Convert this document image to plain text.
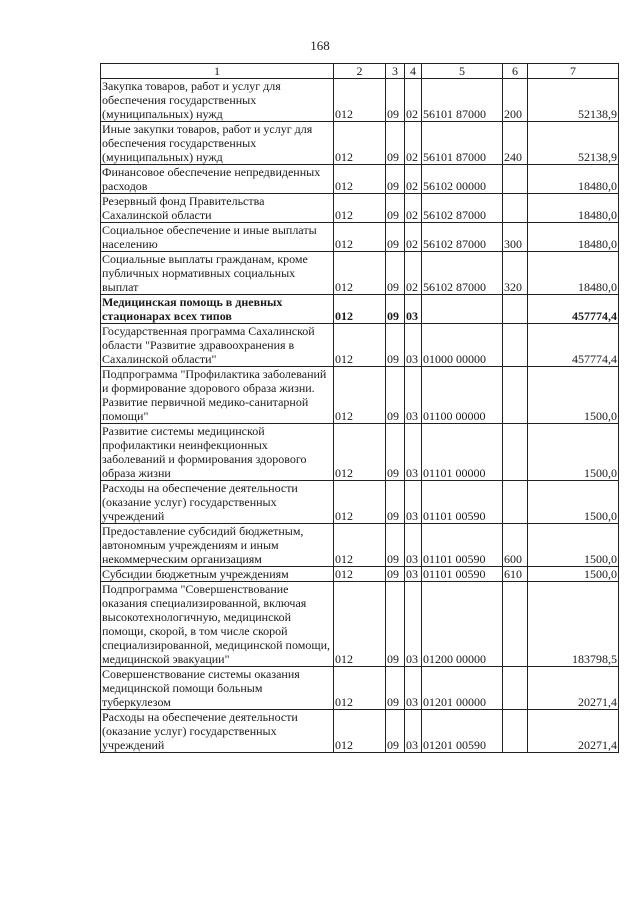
168
1	2	3	4	5	6	7
Закупка товаров, работ и услуг для обеспечения государственных (муниципальных) нужд	012	09	02	56101 87000	200	52138,9
Иные закупки товаров, работ и услуг для обеспечения государственных (муниципальных) нужд	012	09	02	56101 87000	240	52138,9
Финансовое обеспечение непредвиденных расходов	012	09	02	56102 00000		18480,0
Резервный фонд Правительства Сахалинской области	012	09	02	56102 87000		18480,0
Социальное обеспечение и иные выплаты населению	012	09	02	56102 87000	300	18480,0
Социальные выплаты гражданам, кроме публичных нормативных социальных выплат	012	09	02	56102 87000	320	18480,0
Медицинская помощь в дневных стационарах всех типов	012	09	03			457774,4
Государственная программа Сахалинской области "Развитие здравоохранения в Сахалинской области"	012	09	03	01000 00000		457774,4
Подпрограмма "Профилактика заболеваний и формирование здорового образа жизни. Развитие первичной медико-санитарной помощи"	012	09	03	01100 00000		1500,0
Развитие системы медицинской профилактики неинфекционных заболеваний и формирования здорового образа жизни	012	09	03	01101 00000		1500,0
Расходы на обеспечение деятельности (оказание услуг) государственных учреждений	012	09	03	01101 00590		1500,0
Предоставление субсидий бюджетным, автономным учреждениям и иным некоммерческим организациям	012	09	03	01101 00590	600	1500,0
Субсидии бюджетным учреждениям	012	09	03	01101 00590	610	1500,0
Подпрограмма "Совершенствование оказания специализированной, включая высокотехнологичную, медицинской помощи, скорой, в том числе скорой специализированной, медицинской помощи, медицинской эвакуации"	012	09	03	01200 00000		183798,5
Совершенствование системы оказания медицинской помощи больным туберкулезом	012	09	03	01201 00000		20271,4
Расходы на обеспечение деятельности (оказание услуг) государственных учреждений	012	09	03	01201 00590		20271,4
